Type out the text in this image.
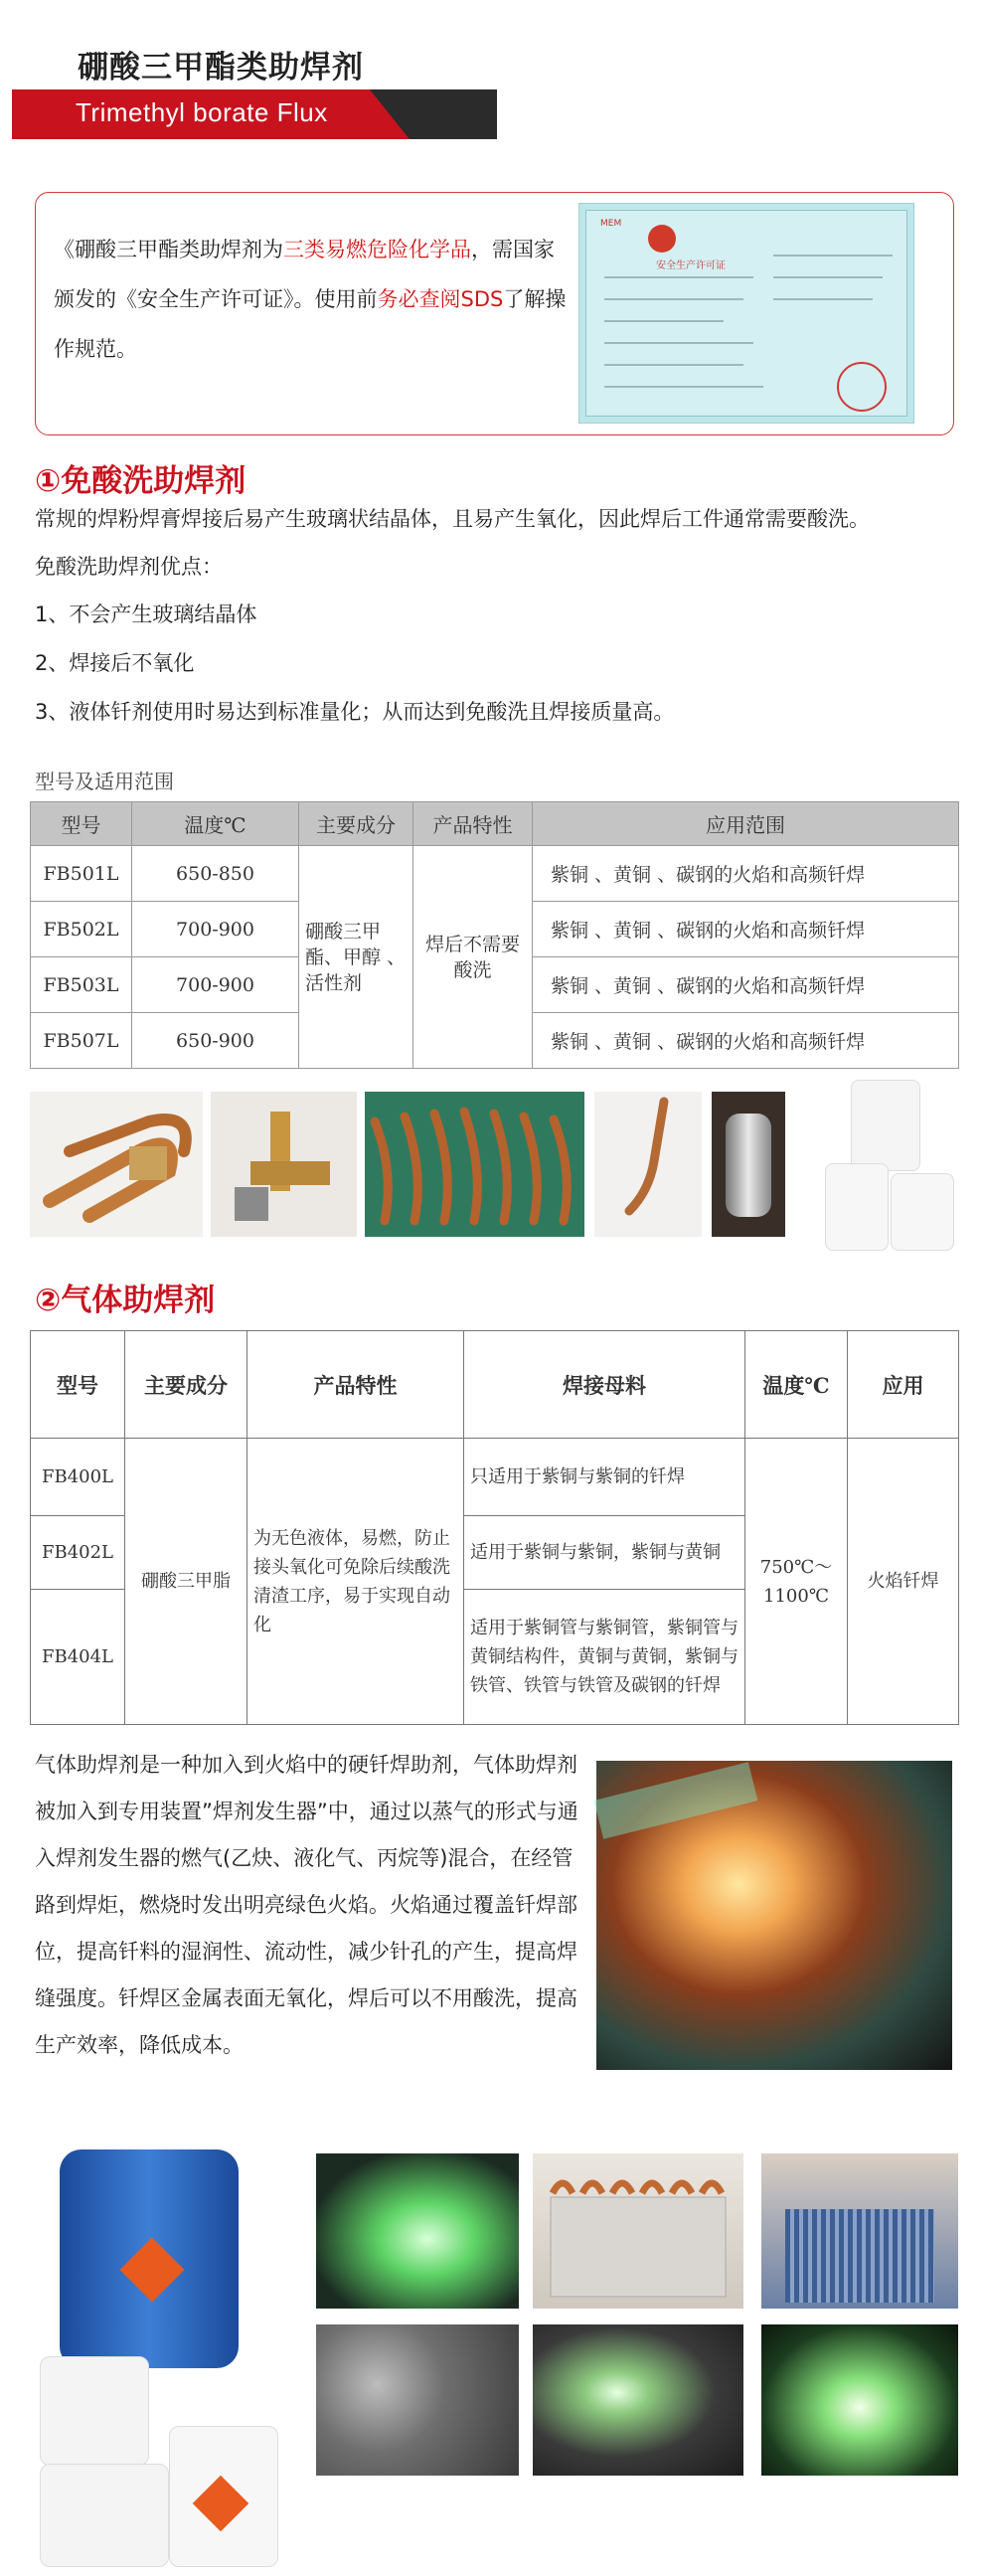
硼酸三甲酯类助焊剂
Trimethyl borate Flux
《硼酸三甲酯类助焊剂为三类易燃危险化学品，需国家颁发的《安全生产许可证》。使用前务必查阅SDS了解操作规范。
MEM
安全生产许可证
①免酸洗助焊剂
常规的焊粉焊膏焊接后易产生玻璃状结晶体，且易产生氧化，因此焊后工件通常需要酸洗。
免酸洗助焊剂优点：
1、不会产生玻璃结晶体
2、焊接后不氧化
3、液体钎剂使用时易达到标准量化；从而达到免酸洗且焊接质量高。
型号及适用范围
型号	温度℃	主要成分	产品特性	应用范围
FB501L	650-850	硼酸三甲酯、甲醇 、活性剂	焊后不需要酸洗	紫铜 、黄铜 、碳钢的火焰和高频钎焊
FB502L	700-900			紫铜 、黄铜 、碳钢的火焰和高频钎焊
FB503L	700-900			紫铜 、黄铜 、碳钢的火焰和高频钎焊
FB507L	650-900			紫铜 、黄铜 、碳钢的火焰和高频钎焊
②气体助焊剂
型号	主要成分	产品特性	焊接母料	温度℃	应用
FB400L	硼酸三甲脂	为无色液体，易燃，防止接头氧化可免除后续酸洗清渣工序，易于实现自动化	只适用于紫铜与紫铜的钎焊	750℃～1100℃	火焰钎焊
FB402L			适用于紫铜与紫铜，紫铜与黄铜		
FB404L			适用于紫铜管与紫铜管，紫铜管与黄铜结构件，黄铜与黄铜，紫铜与铁管、铁管与铁管及碳钢的钎焊		
气体助焊剂是一种加入到火焰中的硬钎焊助剂，气体助焊剂被加入到专用装置”焊剂发生器”中，通过以蒸气的形式与通入焊剂发生器的燃气(乙炔、液化气、丙烷等)混合，在经管路到焊炬，燃烧时发出明亮绿色火焰。火焰通过覆盖钎焊部位，提高钎料的湿润性、流动性，减少针孔的产生，提高焊缝强度。钎焊区金属表面无氧化，焊后可以不用酸洗，提高生产效率，降低成本。
